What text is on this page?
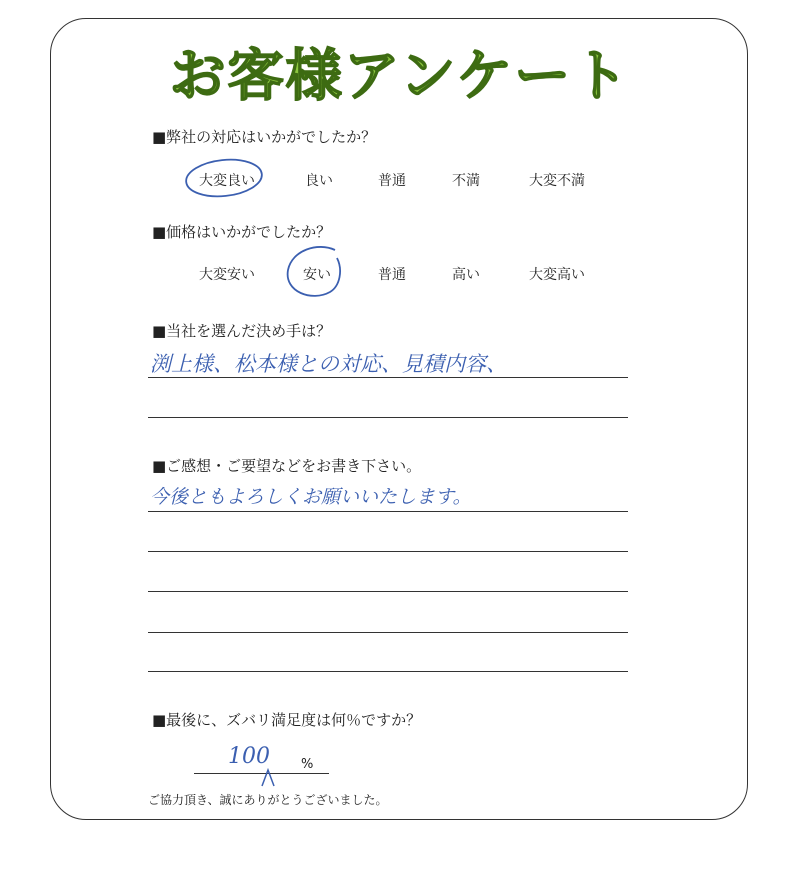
お客様アンケート

■弊社の対応はいかがでしたか？

大変良い	良い	普通	不満	大変不満

■価格はいかがでしたか？

大変安い	安い	普通	高い	大変高い

■当社を選んだ決め手は？

渕上様、松本様との対応、見積内容、

■ご感想・ご要望などをお書き下さい。

今後ともよろしくお願いいたします。

■最後に、ズバリ満足度は何％ですか？

100 %
ご協力頂き、誠にありがとうございました。
